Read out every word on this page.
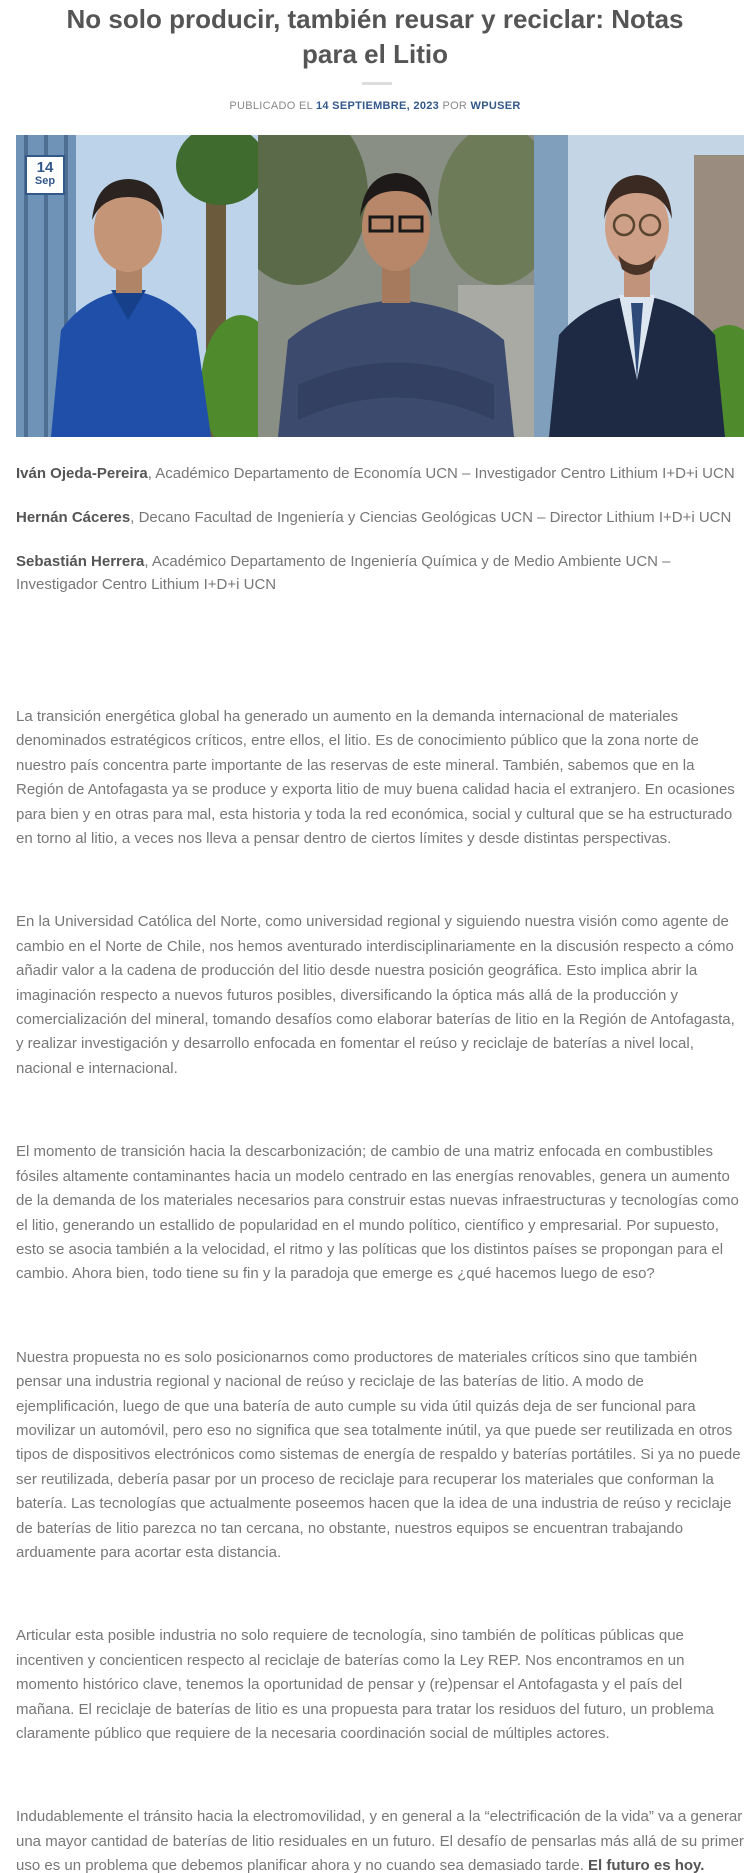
No solo producir, también reusar y reciclar: Notas para el Litio
PUBLICADO EL 14 SEPTIEMBRE, 2023 POR WPUSER
14
Sep

Iván Ojeda-Pereira, Académico Departamento de Economía UCN – Investigador Centro Lithium I+D+i UCN

Hernán Cáceres, Decano Facultad de Ingeniería y Ciencias Geológicas UCN – Director Lithium I+D+i UCN

Sebastián Herrera, Académico Departamento de Ingeniería Química y de Medio Ambiente UCN – Investigador Centro Lithium I+D+i UCN

La transición energética global ha generado un aumento en la demanda internacional de materiales denominados estratégicos críticos, entre ellos, el litio. Es de conocimiento público que la zona norte de nuestro país concentra parte importante de las reservas de este mineral. También, sabemos que en la Región de Antofagasta ya se produce y exporta litio de muy buena calidad hacia el extranjero. En ocasiones para bien y en otras para mal, esta historia y toda la red económica, social y cultural que se ha estructurado en torno al litio, a veces nos lleva a pensar dentro de ciertos límites y desde distintas perspectivas.

En la Universidad Católica del Norte, como universidad regional y siguiendo nuestra visión como agente de cambio en el Norte de Chile, nos hemos aventurado interdisciplinariamente en la discusión respecto a cómo añadir valor a la cadena de producción del litio desde nuestra posición geográfica. Esto implica abrir la imaginación respecto a nuevos futuros posibles, diversificando la óptica más allá de la producción y comercialización del mineral, tomando desafíos como elaborar baterías de litio en la Región de Antofagasta, y realizar investigación y desarrollo enfocada en fomentar el reúso y reciclaje de baterías a nivel local, nacional e internacional.

El momento de transición hacia la descarbonización; de cambio de una matriz enfocada en combustibles fósiles altamente contaminantes hacia un modelo centrado en las energías renovables, genera un aumento de la demanda de los materiales necesarios para construir estas nuevas infraestructuras y tecnologías como el litio, generando un estallido de popularidad en el mundo político, científico y empresarial. Por supuesto, esto se asocia también a la velocidad, el ritmo y las políticas que los distintos países se propongan para el cambio. Ahora bien, todo tiene su fin y la paradoja que emerge es ¿qué hacemos luego de eso?

Nuestra propuesta no es solo posicionarnos como productores de materiales críticos sino que también pensar una industria regional y nacional de reúso y reciclaje de las baterías de litio. A modo de ejemplificación, luego de que una batería de auto cumple su vida útil quizás deja de ser funcional para movilizar un automóvil, pero eso no significa que sea totalmente inútil, ya que puede ser reutilizada en otros tipos de dispositivos electrónicos como sistemas de energía de respaldo y baterías portátiles. Si ya no puede ser reutilizada, debería pasar por un proceso de reciclaje para recuperar los materiales que conforman la batería. Las tecnologías que actualmente poseemos hacen que la idea de una industria de reúso y reciclaje de baterías de litio parezca no tan cercana, no obstante, nuestros equipos se encuentran trabajando arduamente para acortar esta distancia.

Articular esta posible industria no solo requiere de tecnología, sino también de políticas públicas que incentiven y concienticen respecto al reciclaje de baterías como la Ley REP. Nos encontramos en un momento histórico clave, tenemos la oportunidad de pensar y (re)pensar el Antofagasta y el país del mañana. El reciclaje de baterías de litio es una propuesta para tratar los residuos del futuro, un problema claramente público que requiere de la necesaria coordinación social de múltiples actores.

Indudablemente el tránsito hacia la electromovilidad, y en general a la “electrificación de la vida” va a generar una mayor cantidad de baterías de litio residuales en un futuro. El desafío de pensarlas más allá de su primer uso es un problema que debemos planificar ahora y no cuando sea demasiado tarde. El futuro es hoy.
